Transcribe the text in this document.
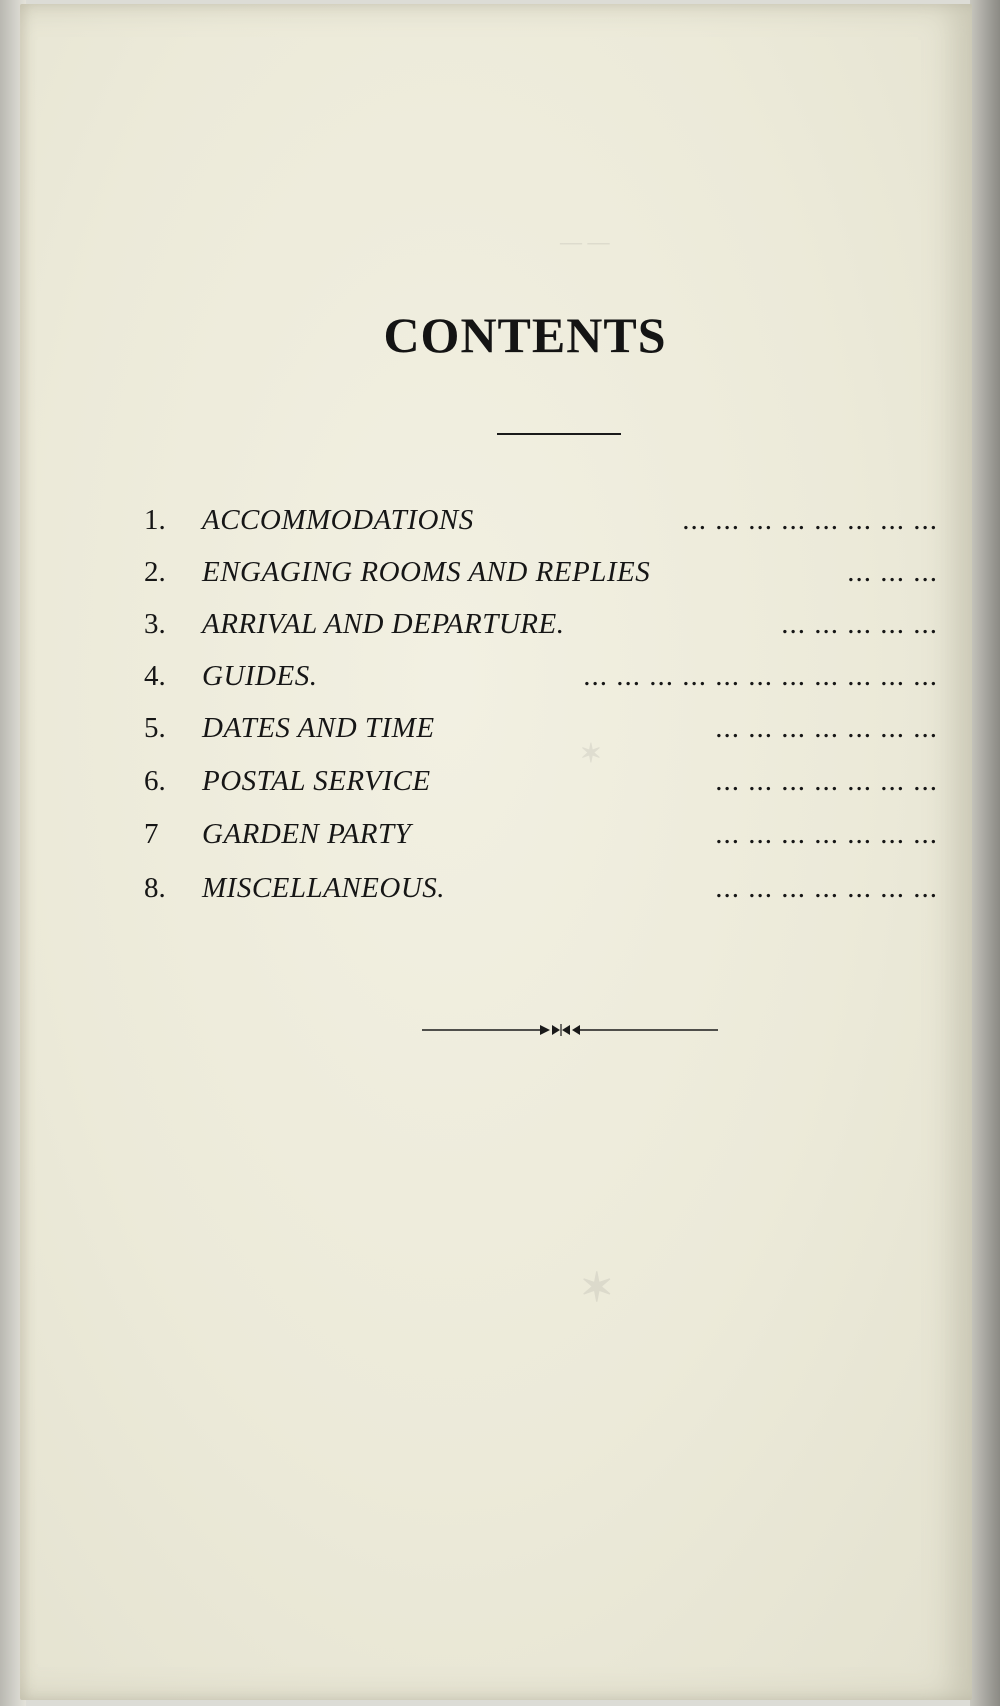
— —
✶
✶
CONTENTS
1. ACCOMMODATIONS	... ... ... ... ... ... ... ...
2. ENGAGING ROOMS AND REPLIES	... ... ...
3. ARRIVAL AND DEPARTURE.	... ... ... ... ...
4. GUIDES.	... ... ... ... ... ... ... ... ... ... ...
5. DATES AND TIME	... ... ... ... ... ... ...
6. POSTAL SERVICE	... ... ... ... ... ... ...
7 GARDEN PARTY	... ... ... ... ... ... ...
8. MISCELLANEOUS.	... ... ... ... ... ... ...
